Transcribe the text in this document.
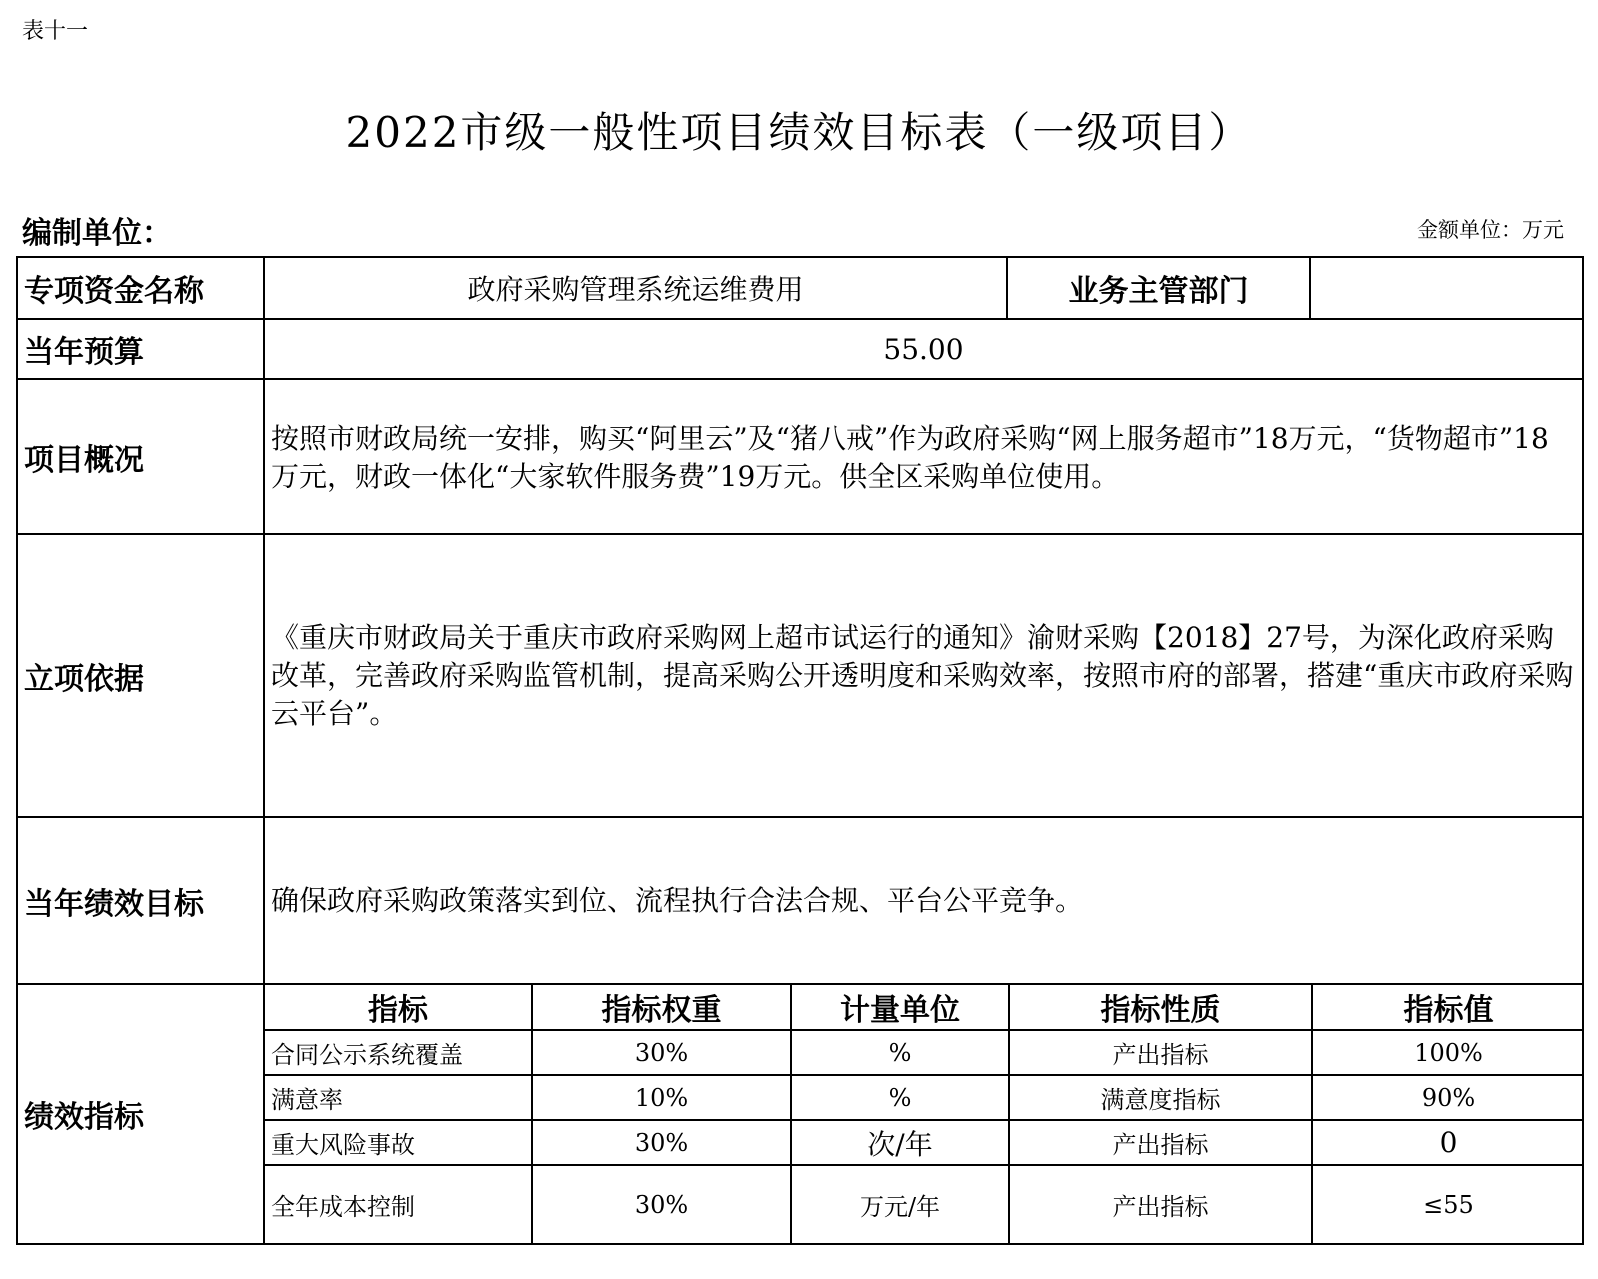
表十一
2022市级一般性项目绩效目标表（一级项目）
编制单位：	金额单位：万元
专项资金名称	政府采购管理系统运维费用	业务主管部门	
当年预算	55.00
项目概况	按照市财政局统一安排，购买“阿里云”及“猪八戒”作为政府采购“网上服务超市”18万元，“货物超市”18万元，财政一体化“大家软件服务费”19万元。供全区采购单位使用。
立项依据	《重庆市财政局关于重庆市政府采购网上超市试运行的通知》渝财采购【2018】27号，为深化政府采购改革，完善政府采购监管机制，提高采购公开透明度和采购效率，按照市府的部署，搭建“重庆市政府采购云平台”。
当年绩效目标	确保政府采购政策落实到位、流程执行合法合规、平台公平竞争。
绩效指标	
指标	指标权重	计量单位	指标性质	指标值
合同公示系统覆盖	30%	%	产出指标	100%
满意率	10%	%	满意度指标	90%
重大风险事故	30%	次/年	产出指标	0
全年成本控制	30%	万元/年	产出指标	≤55
